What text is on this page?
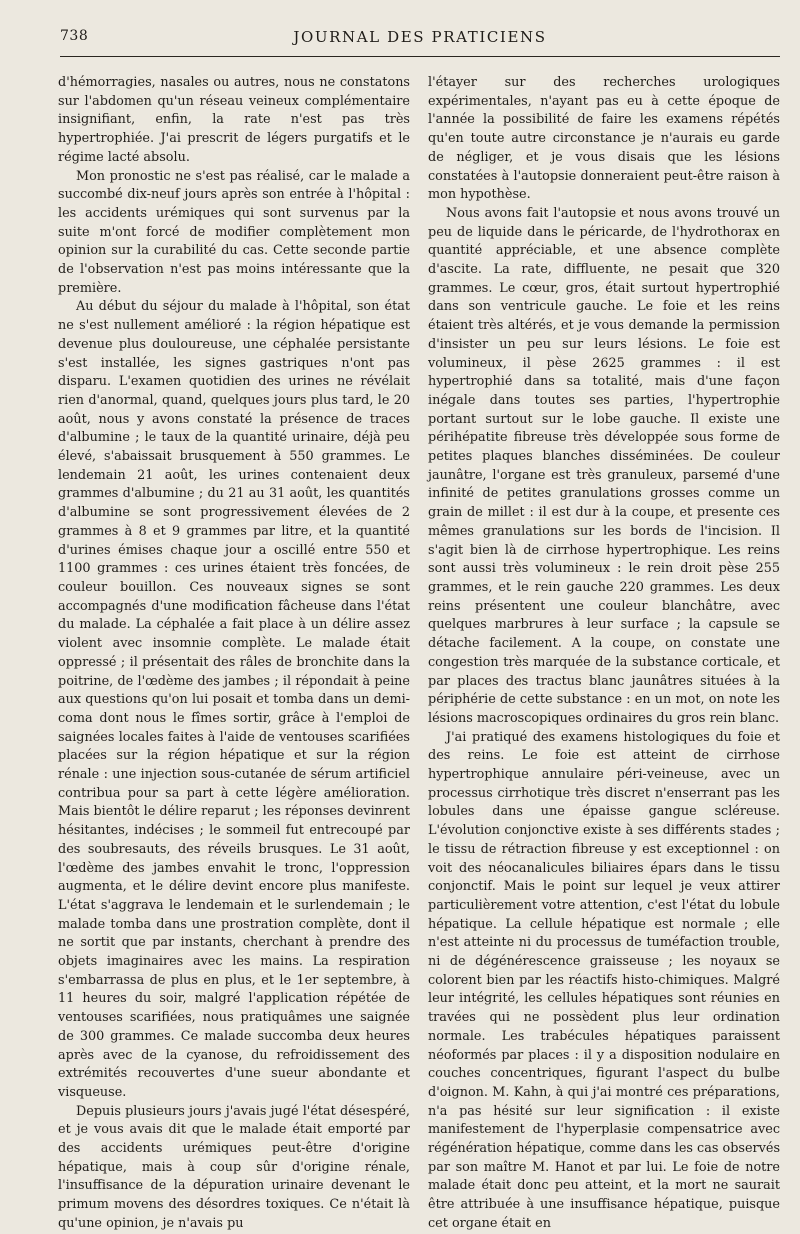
738	JOURNAL DES PRATICIENS

d'hémorragies, nasales ou autres, nous ne constatons sur l'abdomen qu'un réseau veineux complémentaire insignifiant, enfin, la rate n'est pas très hypertrophiée. J'ai prescrit de légers purgatifs et le régime lacté absolu.

Mon pronostic ne s'est pas réalisé, car le malade a succombé dix-neuf jours après son entrée à l'hôpital : les accidents urémiques qui sont survenus par la suite m'ont forcé de modifier complètement mon opinion sur la curabilité du cas. Cette seconde partie de l'observation n'est pas moins intéressante que la première.

Au début du séjour du malade à l'hôpital, son état ne s'est nullement amélioré : la région hépatique est devenue plus douloureuse, une céphalée persistante s'est installée, les signes gastriques n'ont pas disparu. L'examen quotidien des urines ne révélait rien d'anormal, quand, quelques jours plus tard, le 20 août, nous y avons constaté la présence de traces d'albumine ; le taux de la quantité urinaire, déjà peu élevé, s'abaissait brusquement à 550 grammes. Le lendemain 21 août, les urines contenaient deux grammes d'albumine ; du 21 au 31 août, les quantités d'albumine se sont progressivement élevées de 2 grammes à 8 et 9 grammes par litre, et la quantité d'urines émises chaque jour a oscillé entre 550 et 1100 grammes : ces urines étaient très foncées, de couleur bouillon. Ces nouveaux signes se sont accompagnés d'une modification fâcheuse dans l'état du malade. La céphalée a fait place à un délire assez violent avec insomnie complète. Le malade était oppressé ; il présentait des râles de bronchite dans la poitrine, de l'œdème des jambes ; il répondait à peine aux questions qu'on lui posait et tomba dans un demi-coma dont nous le fîmes sortir, grâce à l'emploi de saignées locales faites à l'aide de ventouses scarifiées placées sur la région hépatique et sur la région rénale : une injection sous-cutanée de sérum artificiel contribua pour sa part à cette légère amélioration. Mais bientôt le délire reparut ; les réponses devinrent hésitantes, indécises ; le sommeil fut entrecoupé par des soubresauts, des réveils brusques. Le 31 août, l'œdème des jambes envahit le tronc, l'oppression augmenta, et le délire devint encore plus manifeste. L'état s'aggrava le lendemain et le surlendemain ; le malade tomba dans une prostration complète, dont il ne sortit que par instants, cherchant à prendre des objets imaginaires avec les mains. La respiration s'embarrassa de plus en plus, et le 1er septembre, à 11 heures du soir, malgré l'application répétée de ventouses scarifiées, nous pratiquâmes une saignée de 300 grammes. Ce malade succomba deux heures après avec de la cyanose, du refroidissement des extrémités recouvertes d'une sueur abondante et visqueuse.

Depuis plusieurs jours j'avais jugé l'état désespéré, et je vous avais dit que le malade était emporté par des accidents urémiques peut-être d'origine hépatique, mais à coup sûr d'origine rénale, l'insuffisance de la dépuration urinaire devenant le primum movens des désordres toxiques. Ce n'était là qu'une opinion, je n'avais pu

l'étayer sur des recherches urologiques expérimentales, n'ayant pas eu à cette époque de l'année la possibilité de faire les examens répétés qu'en toute autre circonstance je n'aurais eu garde de négliger, et je vous disais que les lésions constatées à l'autopsie donneraient peut-être raison à mon hypothèse.

Nous avons fait l'autopsie et nous avons trouvé un peu de liquide dans le péricarde, de l'hydrothorax en quantité appréciable, et une absence complète d'ascite. La rate, diffluente, ne pesait que 320 grammes. Le cœur, gros, était surtout hypertrophié dans son ventricule gauche. Le foie et les reins étaient très altérés, et je vous demande la permission d'insister un peu sur leurs lésions. Le foie est volumineux, il pèse 2625 grammes : il est hypertrophié dans sa totalité, mais d'une façon inégale dans toutes ses parties, l'hypertrophie portant surtout sur le lobe gauche. Il existe une périhépatite fibreuse très développée sous forme de petites plaques blanches disséminées. De couleur jaunâtre, l'organe est très granuleux, parsemé d'une infinité de petites granulations grosses comme un grain de millet : il est dur à la coupe, et presente ces mêmes granulations sur les bords de l'incision. Il s'agit bien là de cirrhose hypertrophique. Les reins sont aussi très volumineux : le rein droit pèse 255 grammes, et le rein gauche 220 grammes. Les deux reins présentent une couleur blanchâtre, avec quelques marbrures à leur surface ; la capsule se détache facilement. A la coupe, on constate une congestion très marquée de la substance corticale, et par places des tractus blanc jaunâtres situées à la périphérie de cette substance : en un mot, on note les lésions macroscopiques ordinaires du gros rein blanc.

J'ai pratiqué des examens histologiques du foie et des reins. Le foie est atteint de cirrhose hypertrophique annulaire péri-veineuse, avec un processus cirrhotique très discret n'enserrant pas les lobules dans une épaisse gangue scléreuse. L'évolution conjonctive existe à ses différents stades ; le tissu de rétraction fibreuse y est exceptionnel : on voit des néocanalicules biliaires épars dans le tissu conjonctif. Mais le point sur lequel je veux attirer particulièrement votre attention, c'est l'état du lobule hépatique. La cellule hépatique est normale ; elle n'est atteinte ni du processus de tuméfaction trouble, ni de dégénérescence graisseuse ; les noyaux se colorent bien par les réactifs histo-chimiques. Malgré leur intégrité, les cellules hépatiques sont réunies en travées qui ne possèdent plus leur ordination normale. Les trabécules hépatiques paraissent néoformés par places : il y a disposition nodulaire en couches concentriques, figurant l'aspect du bulbe d'oignon. M. Kahn, à qui j'ai montré ces préparations, n'a pas hésité sur leur signification : il existe manifestement de l'hyperplasie compensatrice avec régénération hépatique, comme dans les cas observés par son maître M. Hanot et par lui. Le foie de notre malade était donc peu atteint, et la mort ne saurait être attribuée à une insuffisance hépatique, puisque cet organe était en
